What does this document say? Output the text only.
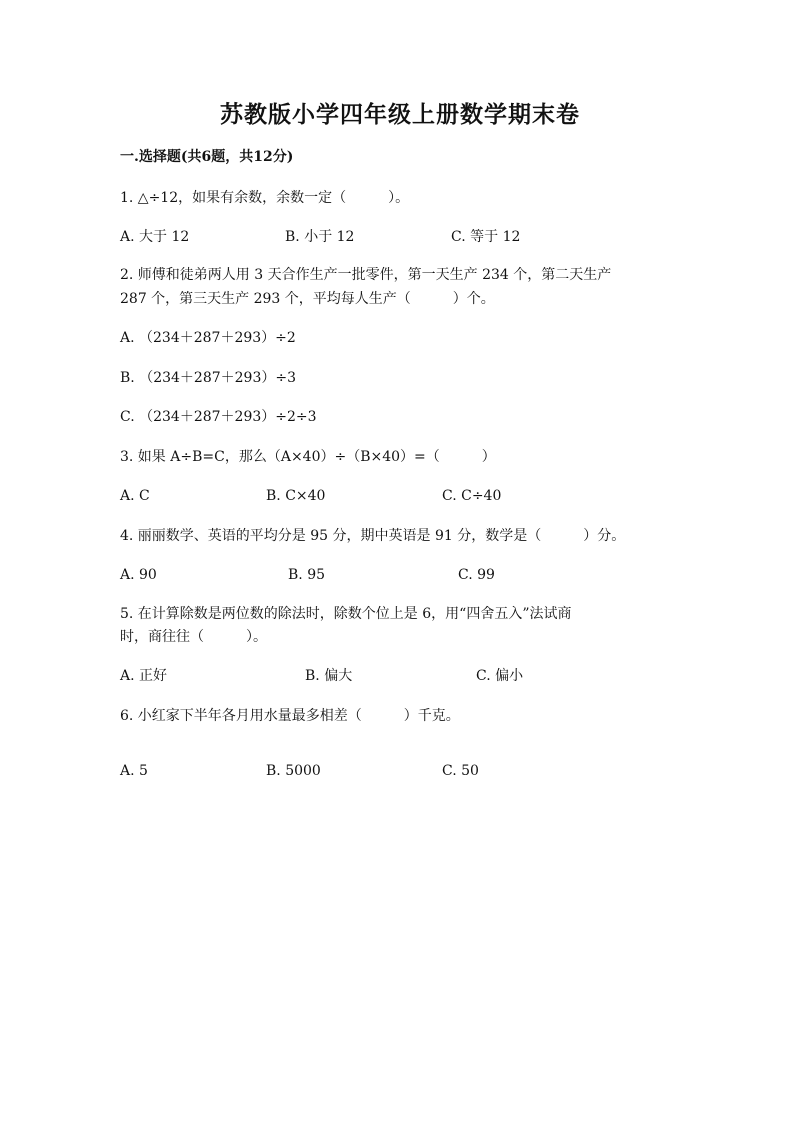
苏教版小学四年级上册数学期末卷
一.选择题(共6题，共12分)
1. △÷12，如果有余数，余数一定（　　　）。
A. 大于 12	B. 小于 12	C. 等于 12
2. 师傅和徒弟两人用 3 天合作生产一批零件，第一天生产 234 个，第二天生产
287 个，第三天生产 293 个，平均每人生产（　　　）个。
A. （234＋287＋293）÷2
B. （234＋287＋293）÷3
C. （234＋287＋293）÷2÷3
3. 如果 A÷B=C，那么（A×40）÷（B×40）=（　　　）
A. C	B. C×40	C. C÷40
4. 丽丽数学、英语的平均分是 95 分，期中英语是 91 分，数学是（　　　）分。
A. 90	B. 95	C. 99
5. 在计算除数是两位数的除法时，除数个位上是 6，用“四舍五入”法试商
时，商往往（　　　）。
A. 正好	B. 偏大	C. 偏小
6. 小红家下半年各月用水量最多相差（　　　）千克。
A. 5	B. 5000	C. 50
